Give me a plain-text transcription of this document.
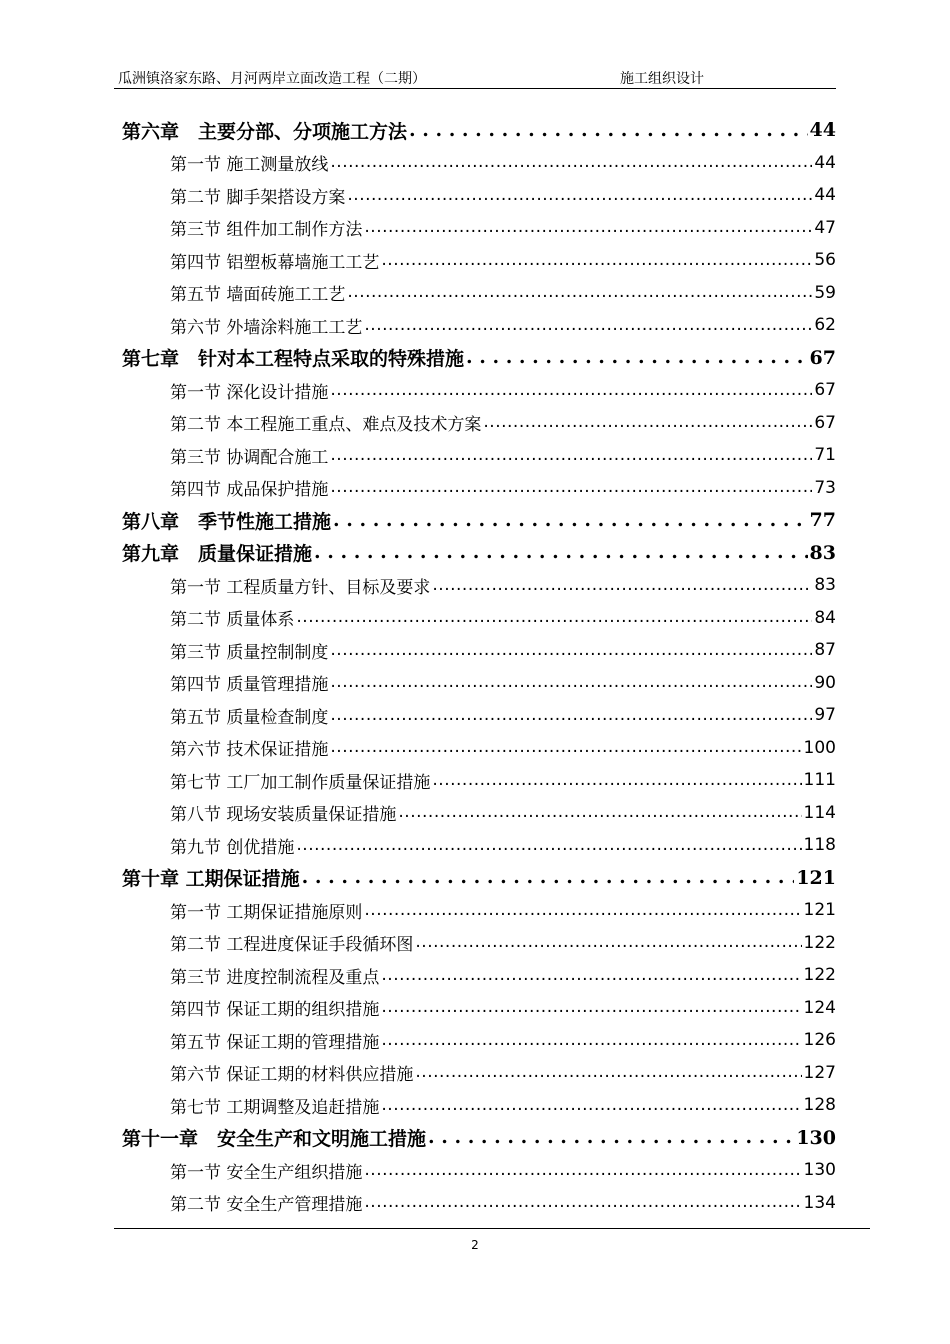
瓜洲镇洛家东路、月河两岸立面改造工程（二期）	施工组织设计
第六章　主要分部、分项施工方法 . . .	44
第一节 施工测量放线 .....	44
第二节 脚手架搭设方案 .....	44
第三节 组件加工制作方法 .....	47
第四节 铝塑板幕墙施工工艺 .....	56
第五节 墙面砖施工工艺 .....	59
第六节 外墙涂料施工工艺 .....	62
第七章　针对本工程特点采取的特殊措施 . . .	67
第一节 深化设计措施 .....	67
第二节 本工程施工重点、难点及技术方案 .....	67
第三节 协调配合施工 .....	71
第四节 成品保护措施 .....	73
第八章　季节性施工措施 . . .	77
第九章　质量保证措施 . . .	83
第一节 工程质量方针、目标及要求 .....	83
第二节 质量体系 .....	84
第三节 质量控制制度 .....	87
第四节 质量管理措施 .....	90
第五节 质量检查制度 .....	97
第六节 技术保证措施 .....	100
第七节 工厂加工制作质量保证措施 .....	111
第八节 现场安装质量保证措施 .....	114
第九节 创优措施 .....	118
第十章 工期保证措施 . . .	121
第一节 工期保证措施原则 .....	121
第二节 工程进度保证手段循环图 .....	122
第三节 进度控制流程及重点 .....	122
第四节 保证工期的组织措施 .....	124
第五节 保证工期的管理措施 .....	126
第六节 保证工期的材料供应措施 .....	127
第七节 工期调整及追赶措施 .....	128
第十一章　安全生产和文明施工措施 . . .	130
第一节 安全生产组织措施 .....	130
第二节 安全生产管理措施 .....	134
2
